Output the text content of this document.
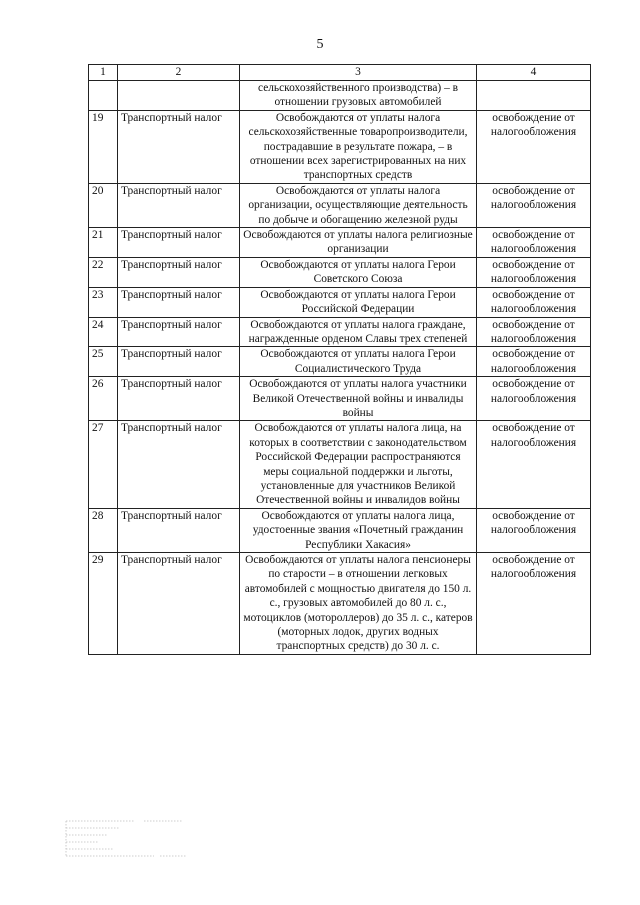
5
1	2	3	4
		сельскохозяйственного производства) – в отношении грузовых автомобилей	
19	Транспортный налог	Освобождаются от уплаты налога сельскохозяйственные товаропроизводители, пострадавшие в результате пожара, – в отношении всех зарегистрированных на них транспортных средств	освобождение от налогообложения
20	Транспортный налог	Освобождаются от уплаты налога организации, осуществляющие деятельность по добыче и обогащению железной руды	освобождение от налогообложения
21	Транспортный налог	Освобождаются от уплаты налога религиозные организации	освобождение от налогообложения
22	Транспортный налог	Освобождаются от уплаты налога Герои Советского Союза	освобождение от налогообложения
23	Транспортный налог	Освобождаются от уплаты налога Герои Российской Федерации	освобождение от налогообложения
24	Транспортный налог	Освобождаются от уплаты налога граждане, награжденные орденом Славы трех степеней	освобождение от налогообложения
25	Транспортный налог	Освобождаются от уплаты налога Герои Социалистического Труда	освобождение от налогообложения
26	Транспортный налог	Освобождаются от уплаты налога участники Великой Отечественной войны и инвалиды войны	освобождение от налогообложения
27	Транспортный налог	Освобождаются от уплаты налога лица, на которых в соответствии с законодательством Российской Федерации распространяются меры социальной поддержки и льготы, установленные для участников Великой Отечественной войны и инвалидов войны	освобождение от налогообложения
28	Транспортный налог	Освобождаются от уплаты налога лица, удостоенные звания «Почетный гражданин Республики Хакасия»	освобождение от налогообложения
29	Транспортный налог	Освобождаются от уплаты налога пенсионеры по старости – в отношении легковых автомобилей с мощностью двигателя до 150 л. с., грузовых автомобилей до 80 л. с., мотоциклов (мотороллеров) до 35 л. с., катеров (моторных лодок, других водных транспортных средств) до 30 л. с.	освобождение от налогообложения
